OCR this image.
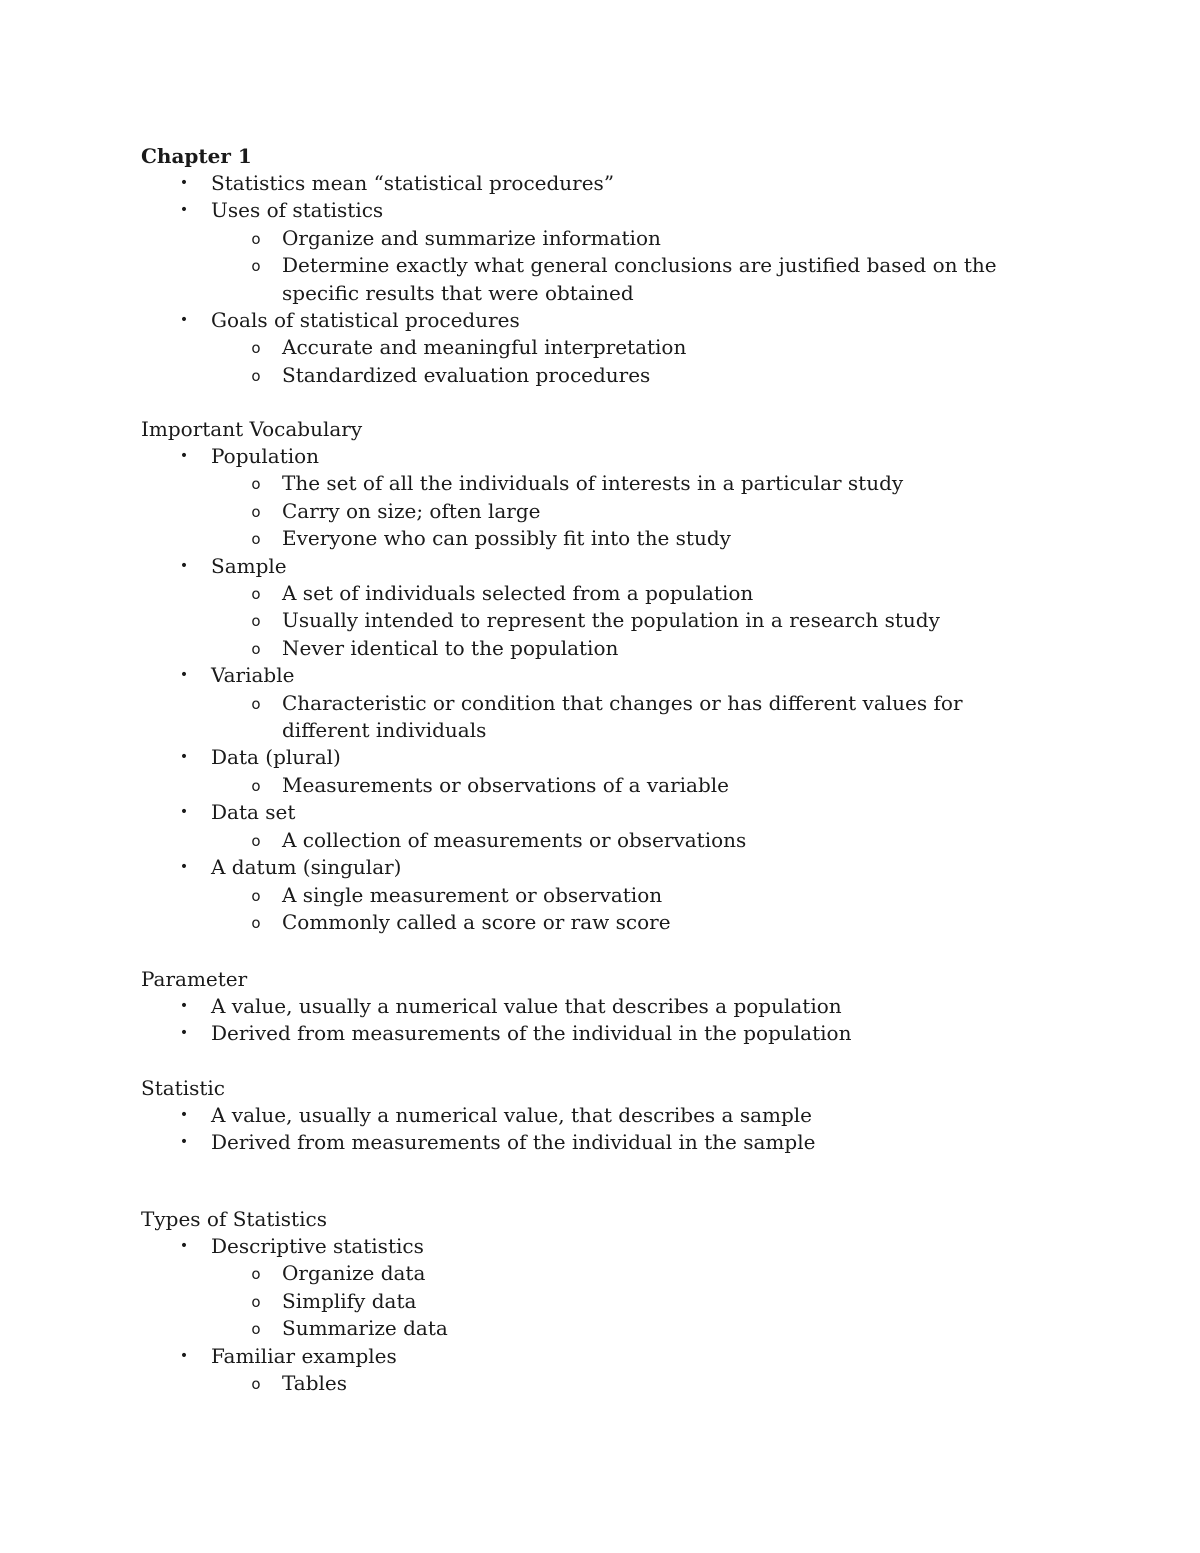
Chapter 1
• Statistics mean “statistical procedures”
• Uses of statistics
o Organize and summarize information
o Determine exactly what general conclusions are justified based on the specific results that were obtained
• Goals of statistical procedures
o Accurate and meaningful interpretation
o Standardized evaluation procedures
Important Vocabulary
• Population
o The set of all the individuals of interests in a particular study
o Carry on size; often large
o Everyone who can possibly fit into the study
• Sample
o A set of individuals selected from a population
o Usually intended to represent the population in a research study
o Never identical to the population
• Variable
o Characteristic or condition that changes or has different values for different individuals
• Data (plural)
o Measurements or observations of a variable
• Data set
o A collection of measurements or observations
• A datum (singular)
o A single measurement or observation
o Commonly called a score or raw score
Parameter
• A value, usually a numerical value that describes a population
• Derived from measurements of the individual in the population
Statistic
• A value, usually a numerical value, that describes a sample
• Derived from measurements of the individual in the sample
Types of Statistics
• Descriptive statistics
o Organize data
o Simplify data
o Summarize data
• Familiar examples
o Tables
